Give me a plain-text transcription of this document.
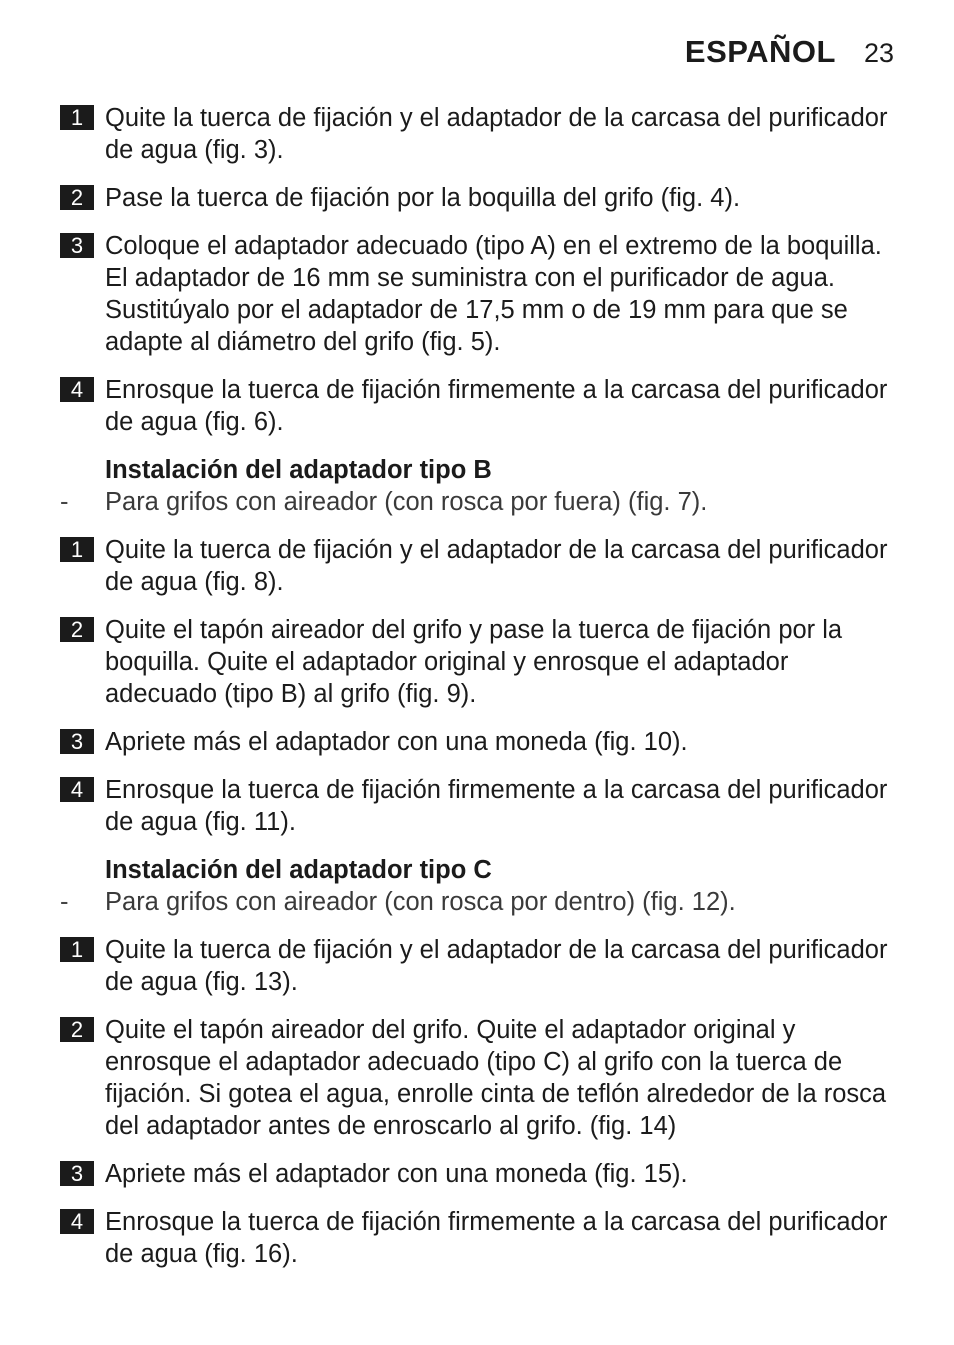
ESPAÑOL 23
1 Quite la tuerca de fijación y el adaptador de la carcasa del purificador de agua (fig. 3).
2 Pase la tuerca de fijación por la boquilla del grifo (fig. 4).
3 Coloque el adaptador adecuado (tipo A) en el extremo de la boquilla. El adaptador de 16 mm se suministra con el purificador de agua. Sustitúyalo por el adaptador de 17,5 mm o de 19 mm para que se adapte al diámetro del grifo (fig. 5).
4 Enrosque la tuerca de fijación firmemente a la carcasa del purificador de agua (fig. 6).
Instalación del adaptador tipo B
-	Para grifos con aireador (con rosca por fuera) (fig. 7).
1 Quite la tuerca de fijación y el adaptador de la carcasa del purificador de agua (fig. 8).
2 Quite el tapón aireador del grifo y pase la tuerca de fijación por la boquilla. Quite el adaptador original y enrosque el adaptador adecuado (tipo B) al grifo (fig. 9).
3 Apriete más el adaptador con una moneda (fig. 10).
4 Enrosque la tuerca de fijación firmemente a la carcasa del purificador de agua (fig. 11).
Instalación del adaptador tipo C
-	Para grifos con aireador (con rosca por dentro) (fig. 12).
1 Quite la tuerca de fijación y el adaptador de la carcasa del purificador de agua (fig. 13).
2 Quite el tapón aireador del grifo. Quite el adaptador original y enrosque el adaptador adecuado (tipo C) al grifo con la tuerca de fijación. Si gotea el agua, enrolle cinta de teflón alrededor de la rosca del adaptador antes de enroscarlo al grifo. (fig. 14)
3 Apriete más el adaptador con una moneda (fig. 15).
4 Enrosque la tuerca de fijación firmemente a la carcasa del purificador de agua (fig. 16).
